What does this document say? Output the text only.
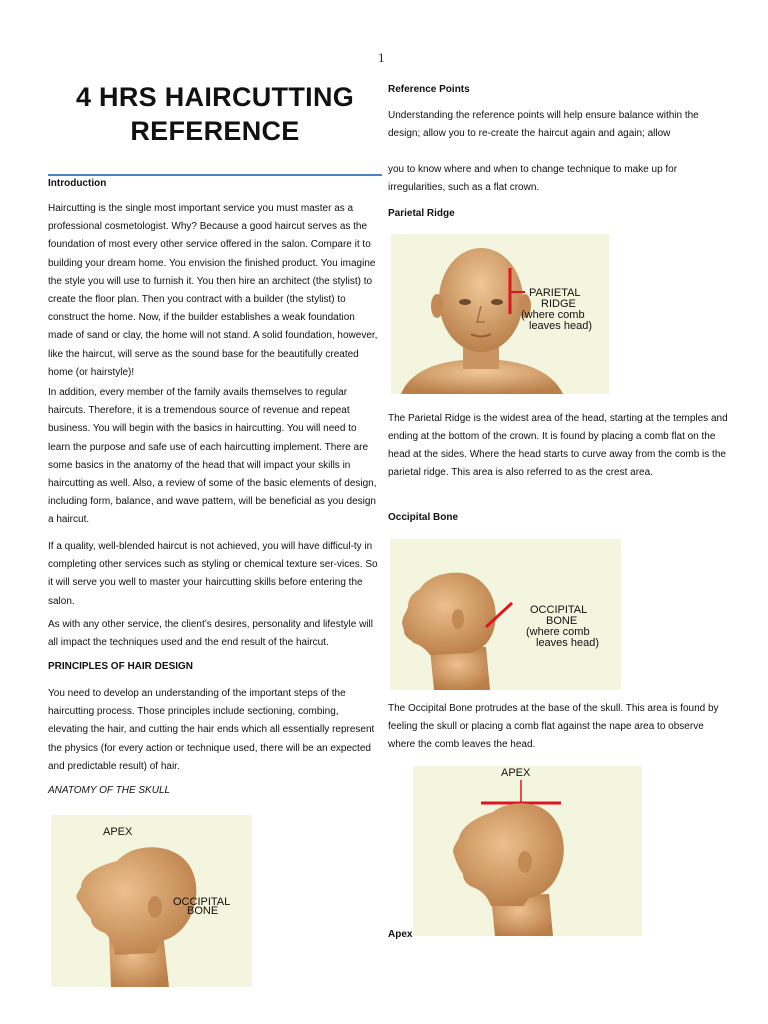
1
4 HRS HAIRCUTTING REFERENCE
Introduction
Haircutting is the single most important service you must master as a professional cosmetologist. Why? Because a good haircut serves as the foundation of most every other service offered in the salon. Compare it to building your dream home. You envision the finished product. You imagine the style you will use to furnish it. You then hire an architect (the stylist) to create the floor plan. Then you contract with a builder (the stylist) to construct the home. Now, if the builder establishes a weak foundation made of sand or clay, the home will not stand. A solid foundation, however, like the haircut, will serve as the sound base for the beautifully created home (or hairstyle)!
In addition, every member of the family avails themselves to regular haircuts. Therefore, it is a tremendous source of revenue and repeat business. You will begin with the basics in haircutting. You will need to learn the purpose and safe use of each haircutting implement. There are some basics in the anatomy of the head that will impact your skills in haircutting as well. Also, a review of some of the basic elements of design, including form, balance, and wave pattern, will be beneficial as you design a haircut.
If a quality, well-blended haircut is not achieved, you will have difficul-ty in completing other services such as styling or chemical texture ser-vices. So it will serve you well to master your haircutting skills before entering the salon.
As with any other service, the client’s desires, personality and lifestyle will all impact the techniques used and the end result of the haircut.
PRINCIPLES OF HAIR DESIGN
You need to develop an understanding of the important steps of the haircutting process. Those principles include sectioning, combing, elevating the hair, and cutting the hair ends which all essentially represent the physics (for every action or technique used, there will be an expected and predictable result) of hair.
ANATOMY OF THE SKULL
APEX
OCCIPITAL
BONE
Reference Points
Understanding the reference points will help ensure balance within the design; allow you to re-create the haircut again and again; allow
you to know where and when to change technique to make up for irregularities, such as a flat crown.
Parietal Ridge
PARIETAL
RIDGE
(where comb
leaves head)
The Parietal Ridge is the widest area of the head, starting at the temples and ending at the bottom of the crown. It is found by placing a comb flat on the head at the sides. Where the head starts to curve away from the comb is the parietal ridge. This area is also referred to as the crest area.
Occipital Bone
OCCIPITAL
BONE
(where comb
leaves head)
The Occipital Bone protrudes at the base of the skull. This area is found by feeling the skull or placing a comb flat against the nape area to observe where the comb leaves the head.
APEX
Apex
